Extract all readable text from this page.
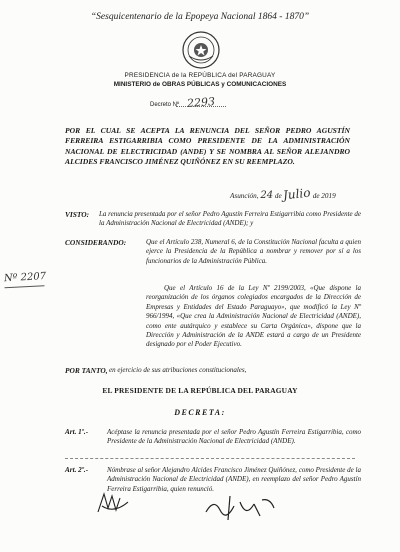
“Sesquicentenario de la Epopeya Nacional 1864 - 1870”
PRESIDENCIA de la REPÚBLICA del PARAGUAY
MINISTERIO de OBRAS PÚBLICAS y COMUNICACIONES
Decreto Nº 2293
POR EL CUAL SE ACEPTA LA RENUNCIA DEL SEÑOR PEDRO AGUSTÍN FERREIRA ESTIGARRIBIA COMO PRESIDENTE DE LA ADMINISTRACIÓN NACIONAL DE ELECTRICIDAD (ANDE) Y SE NOMBRA AL SEÑOR ALEJANDRO ALCIDES FRANCISCO JIMÉNEZ QUIÑÓNEZ EN SU REEMPLAZO.
Asunción, 24 de Julio de 2019
VISTO: La renuncia presentada por el señor Pedro Agustín Ferreira Estigarribia como Presidente de la Administración Nacional de Electricidad (ANDE); y
CONSIDERANDO:	Que el Artículo 238, Numeral 6, de la Constitución Nacional faculta a quien ejerce la Presidencia de la República a nombrar y remover por sí a los funcionarios de la Administración Pública.
Que el Artículo 16 de la Ley Nº 2199/2003, «Que dispone la reorganización de los órganos colegiados encargados de la Dirección de Empresas y Entidades del Estado Paraguayo», que modificó la Ley Nº 966/1994, «Que crea la Administración Nacional de Electricidad (ANDE), como ente autárquico y establece su Carta Orgánica», dispone que la Dirección y Administración de la ANDE estará a cargo de un Presidente designado por el Poder Ejecutivo.
Nº 2207
POR TANTO, en ejercicio de sus atribuciones constitucionales,
EL PRESIDENTE DE LA REPÚBLICA DEL PARAGUAY
DECRETA:
Art. 1º.-	Acéptase la renuncia presentada por el señor Pedro Agustín Ferreira Estigarribia, como Presidente de la Administración Nacional de Electricidad (ANDE).
Art. 2º.-	Nómbrase al señor Alejandro Alcides Francisco Jiménez Quiñónez, como Presidente de la Administración Nacional de Electricidad (ANDE), en reemplazo del señor Pedro Agustín Ferreira Estigarribia, quien renunció.
